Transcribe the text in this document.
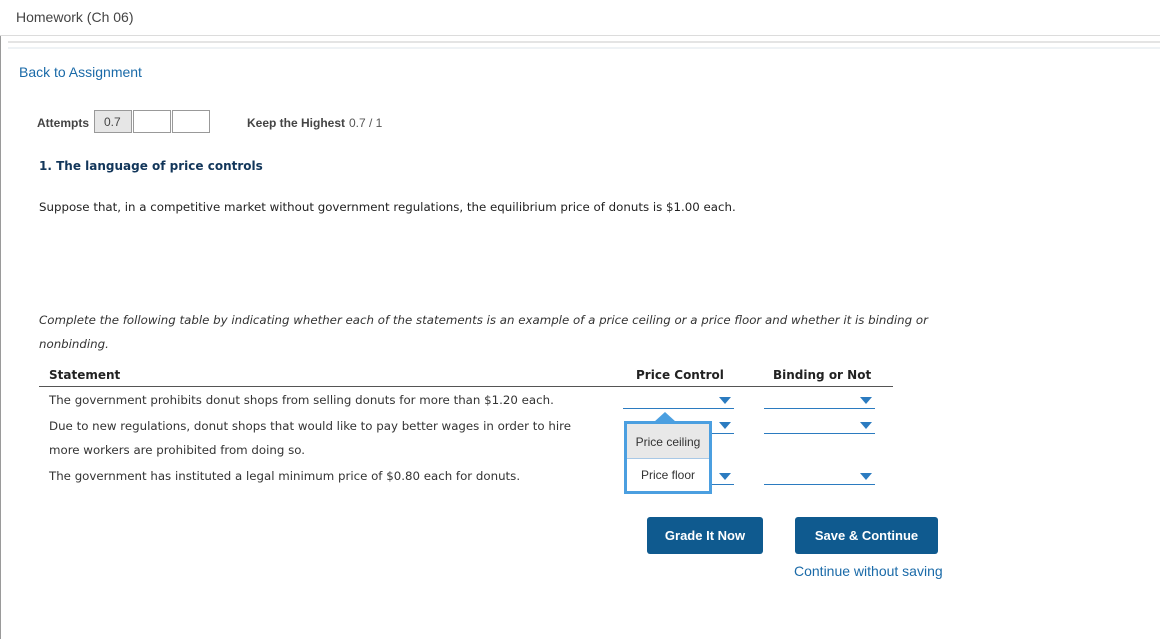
Homework (Ch 06)
Back to Assignment
Attempts	0.7	Keep the Highest 0.7 / 1
1. The language of price controls
Suppose that, in a competitive market without government regulations, the equilibrium price of donuts is $1.00 each.
Complete the following table by indicating whether each of the statements is an example of a price ceiling or a price floor and whether it is binding or nonbinding.
Statement	Price Control	Binding or Not
The government prohibits donut shops from selling donuts for more than $1.20 each.
Due to new regulations, donut shops that would like to pay better wages in order to hire
more workers are prohibited from doing so.
The government has instituted a legal minimum price of $0.80 each for donuts.
Price ceiling
Price floor
Grade It Now	Save & Continue
Continue without saving
